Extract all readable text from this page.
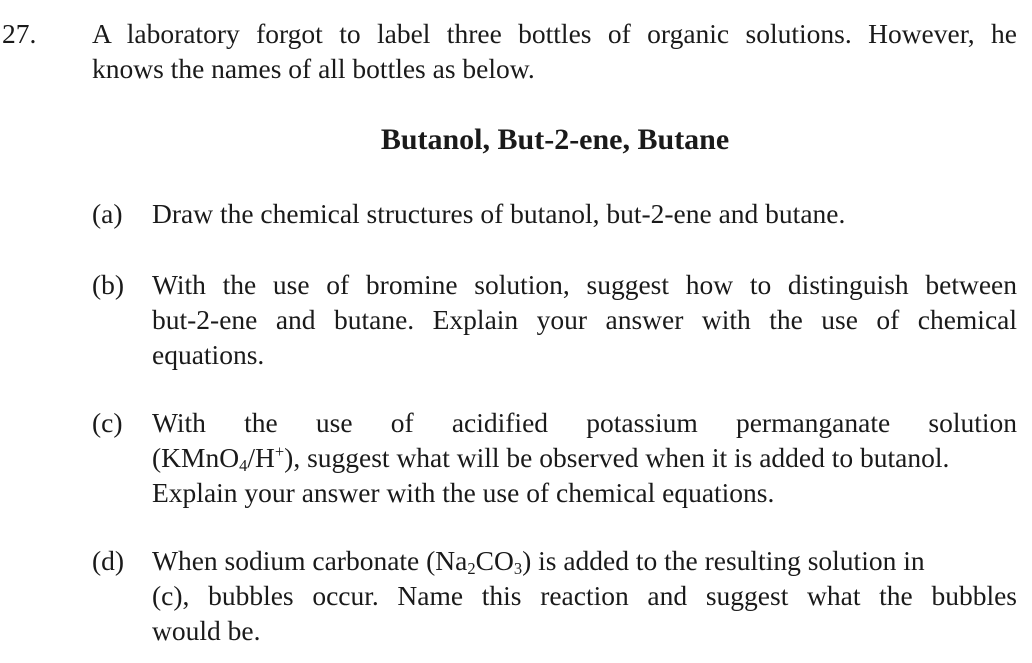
27. A laboratory forgot to label three bottles of organic solutions. However, he
knows the names of all bottles as below.
Butanol, But-2-ene, Butane
(a) Draw the chemical structures of butanol, but-2-ene and butane.
(b) With the use of bromine solution, suggest how to distinguish between
but-2-ene and butane. Explain your answer with the use of chemical
equations.
(c) With the use of acidified potassium permanganate solution
(KMnO$_4$/H+), suggest what will be observed when it is added to butanol.
Explain your answer with the use of chemical equations.
(d) When sodium carbonate $(Na_2CO_3)$ is added to the resulting solution in
(c), bubbles occur. Name this reaction and suggest what the bubbles
would be.
